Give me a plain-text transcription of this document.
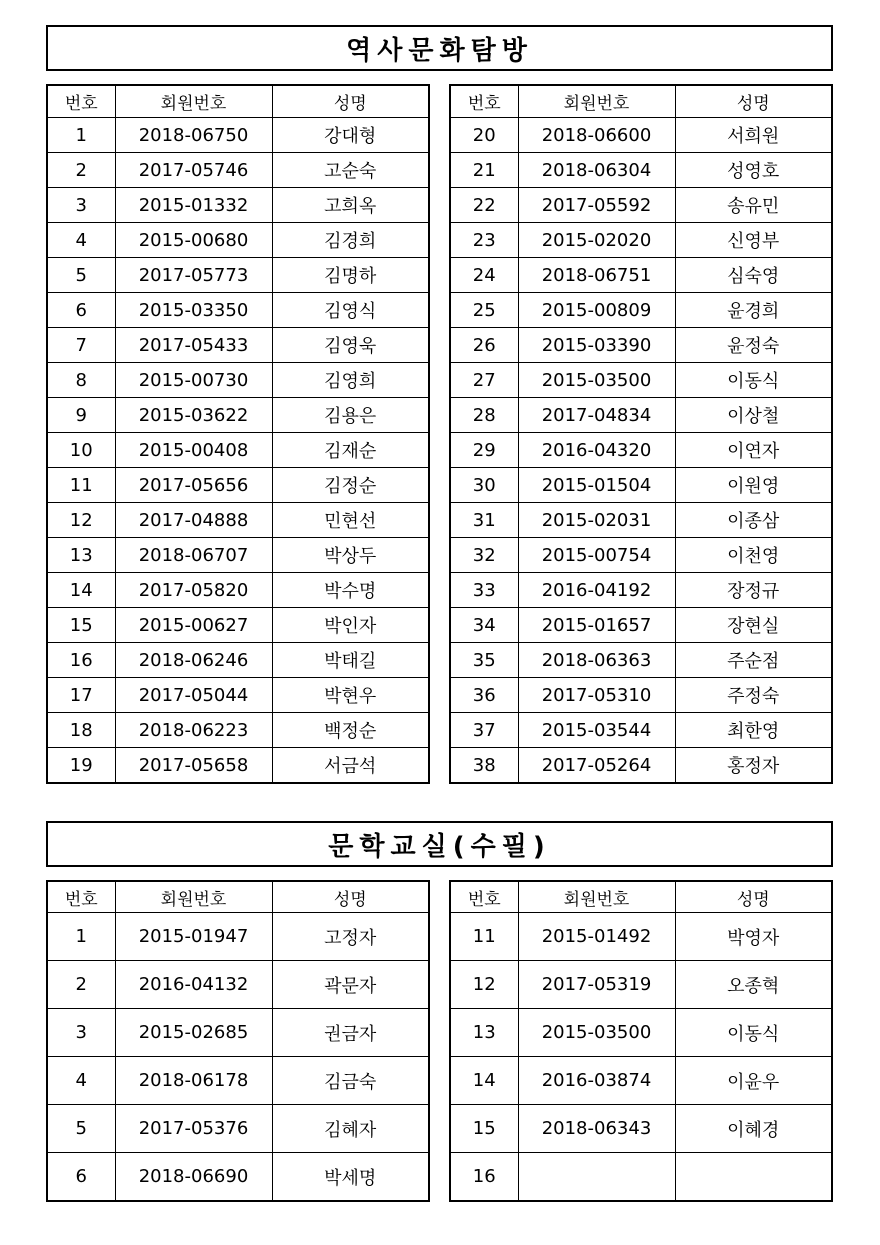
역사문화탐방
번호	회원번호	성명
1	2018-06750	강대형
2	2017-05746	고순숙
3	2015-01332	고희옥
4	2015-00680	김경희
5	2017-05773	김명하
6	2015-03350	김영식
7	2017-05433	김영욱
8	2015-00730	김영희
9	2015-03622	김용은
10	2015-00408	김재순
11	2017-05656	김정순
12	2017-04888	민현선
13	2018-06707	박상두
14	2017-05820	박수명
15	2015-00627	박인자
16	2018-06246	박태길
17	2017-05044	박현우
18	2018-06223	백정순
19	2017-05658	서금석
번호	회원번호	성명
20	2018-06600	서희원
21	2018-06304	성영호
22	2017-05592	송유민
23	2015-02020	신영부
24	2018-06751	심숙영
25	2015-00809	윤경희
26	2015-03390	윤정숙
27	2015-03500	이동식
28	2017-04834	이상철
29	2016-04320	이연자
30	2015-01504	이원영
31	2015-02031	이종삼
32	2015-00754	이천영
33	2016-04192	장정규
34	2015-01657	장현실
35	2018-06363	주순점
36	2017-05310	주정숙
37	2015-03544	최한영
38	2017-05264	홍정자
문학교실(수필)
번호	회원번호	성명
1	2015-01947	고정자
2	2016-04132	곽문자
3	2015-02685	권금자
4	2018-06178	김금숙
5	2017-05376	김혜자
6	2018-06690	박세명
번호	회원번호	성명
11	2015-01492	박영자
12	2017-05319	오종혁
13	2015-03500	이동식
14	2016-03874	이윤우
15	2018-06343	이혜경
16		
